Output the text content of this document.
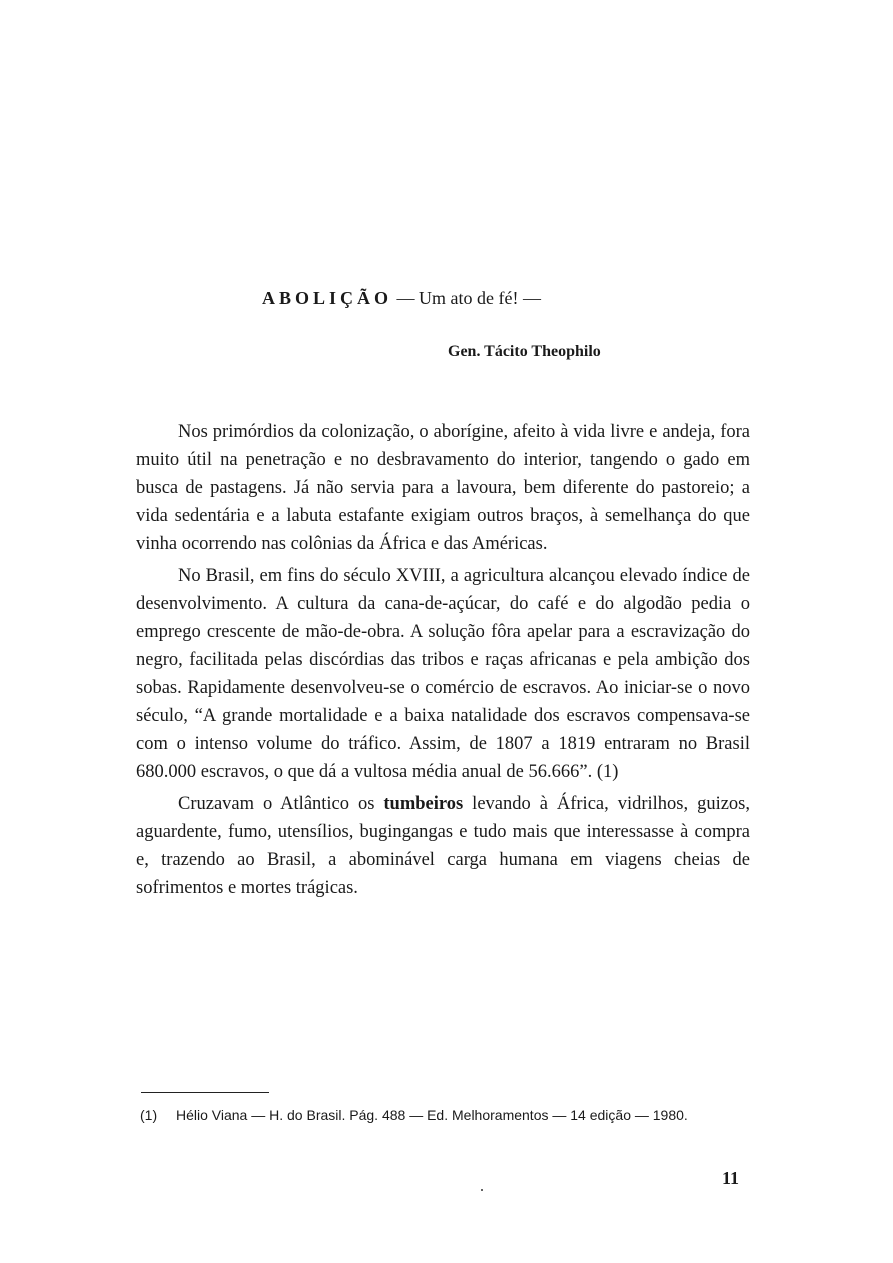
ABOLIÇÃO — Um ato de fé! —
Gen. Tácito Theophilo

Nos primórdios da colonização, o aborígine, afeito à vida livre e andeja, fora muito útil na penetração e no desbravamento do interior, tangendo o gado em busca de pastagens. Já não servia para a lavoura, bem diferente do pastoreio; a vida sedentária e a labuta estafante exigiam outros braços, à semelhança do que vinha ocorrendo nas colônias da África e das Américas.

No Brasil, em fins do século XVIII, a agricultura alcançou elevado índice de desenvolvimento. A cultura da cana-de-açúcar, do café e do algodão pedia o emprego crescente de mão-de-obra. A solução fôra apelar para a escravização do negro, facilitada pelas discórdias das tribos e raças africanas e pela ambição dos sobas. Rapidamente desenvolveu-se o comércio de escravos. Ao iniciar-se o novo século, “A grande mortalidade e a baixa natalidade dos escravos compensava-se com o intenso volume do tráfico. Assim, de 1807 a 1819 entraram no Brasil 680.000 escravos, o que dá a vultosa média anual de 56.666”. (1)

Cruzavam o Atlântico os tumbeiros levando à África, vidrilhos, guizos, aguardente, fumo, utensílios, bugingangas e tudo mais que interessasse à compra e, trazendo ao Brasil, a abominável carga humana em viagens cheias de sofrimentos e mortes trágicas.

(1) Hélio Viana — H. do Brasil. Pág. 488 — Ed. Melhoramentos — 14 edição — 1980.
11
